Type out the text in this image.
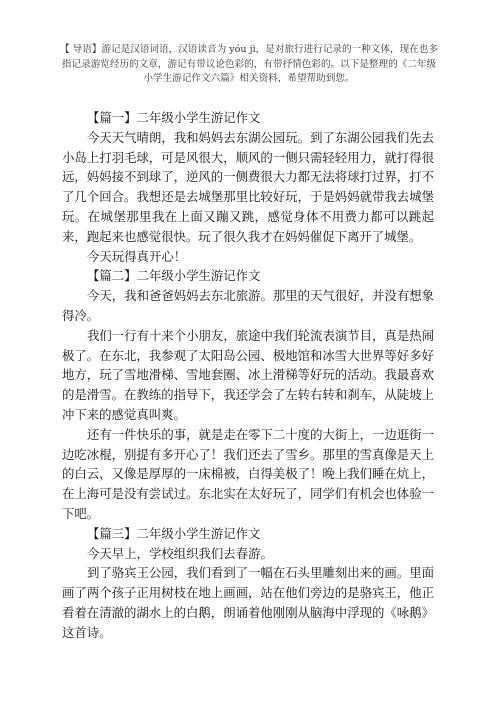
【 导语】游记是汉语词语，汉语读音为 yóu jì，是对旅行进行记录的一种文体，现在也多指记录游览经历的文章，游记有带议论色彩的，有带抒情色彩的。以下是整理的《二年级小学生游记作文六篇》相关资料，希望帮助到您。
【篇一】二年级小学生游记作文

今天天气晴朗，我和妈妈去东湖公园玩。到了东湖公园我们先去小岛上打羽毛球，可是风很大，顺风的一侧只需轻轻用力，就打得很远，妈妈接不到球了，逆风的一侧费很大力都无法将球打过界，打不了几个回合。我想还是去城堡那里比较好玩，于是妈妈就带我去城堡玩。在城堡那里我在上面又蹦又跳，感觉身体不用费力都可以跳起来，跑起来也感觉很快。玩了很久我才在妈妈催促下离开了城堡。

今天玩得真开心！

【篇二】二年级小学生游记作文

今天，我和爸爸妈妈去东北旅游。那里的天气很好，并没有想象得冷。

我们一行有十来个小朋友，旅途中我们轮流表演节目，真是热闹极了。在东北，我参观了太阳岛公园、极地馆和冰雪大世界等好多好地方，玩了雪地滑梯、雪地套圈、冰上滑梯等好玩的活动。我最喜欢的是滑雪。在教练的指导下，我还学会了左转右转和刹车，从陡坡上冲下来的感觉真叫爽。

还有一件快乐的事，就是走在零下二十度的大街上，一边逛街一边吃冰棍，别提有多开心了！我们还去了雪乡。那里的雪真像是天上的白云，又像是厚厚的一床棉被，白得美极了！晚上我们睡在炕上，在上海可是没有尝试过。东北实在太好玩了，同学们有机会也体验一下吧。

【篇三】二年级小学生游记作文

今天早上，学校组织我们去春游。

到了骆宾王公园，我们看到了一幅在石头里雕刻出来的画。里面画了两个孩子正用树枝在地上画画，站在他们旁边的是骆宾王，他正看着在清澈的湖水上的白鹅，朗诵着他刚刚从脑海中浮现的《咏鹅》这首诗。
